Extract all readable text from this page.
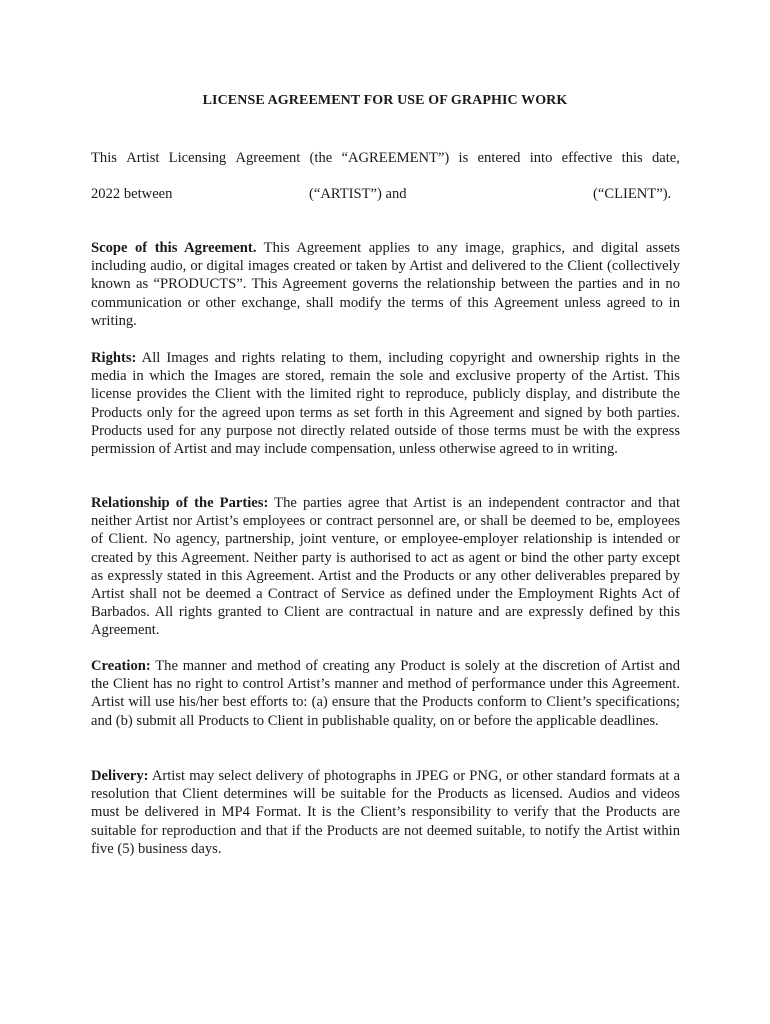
LICENSE AGREEMENT FOR USE OF GRAPHIC WORK
This Artist Licensing Agreement (the “AGREEMENT”) is entered into effective this date,
2022 between	(“ARTIST”) and	(“CLIENT”).

Scope of this Agreement. This Agreement applies to any image, graphics, and digital assets including audio, or digital images created or taken by Artist and delivered to the Client (collectively known as “PRODUCTS”. This Agreement governs the relationship between the parties and in no communication or other exchange, shall modify the terms of this Agreement unless agreed to in writing.

Rights: All Images and rights relating to them, including copyright and ownership rights in the media in which the Images are stored, remain the sole and exclusive property of the Artist. This license provides the Client with the limited right to reproduce, publicly display, and distribute the Products only for the agreed upon terms as set forth in this Agreement and signed by both parties. Products used for any purpose not directly related outside of those terms must be with the express permission of Artist and may include compensation, unless otherwise agreed to in writing.

Relationship of the Parties: The parties agree that Artist is an independent contractor and that neither Artist nor Artist’s employees or contract personnel are, or shall be deemed to be, employees of Client. No agency, partnership, joint venture, or employee-employer relationship is intended or created by this Agreement. Neither party is authorised to act as agent or bind the other party except as expressly stated in this Agreement. Artist and the Products or any other deliverables prepared by Artist shall not be deemed a Contract of Service as defined under the Employment Rights Act of Barbados. All rights granted to Client are contractual in nature and are expressly defined by this Agreement.

Creation: The manner and method of creating any Product is solely at the discretion of Artist and the Client has no right to control Artist’s manner and method of performance under this Agreement. Artist will use his/her best efforts to: (a) ensure that the Products conform to Client’s specifications; and (b) submit all Products to Client in publishable quality, on or before the applicable deadlines.

Delivery: Artist may select delivery of photographs in JPEG or PNG, or other standard formats at a resolution that Client determines will be suitable for the Products as licensed. Audios and videos must be delivered in MP4 Format. It is the Client’s responsibility to verify that the Products are suitable for reproduction and that if the Products are not deemed suitable, to notify the Artist within five (5) business days.
